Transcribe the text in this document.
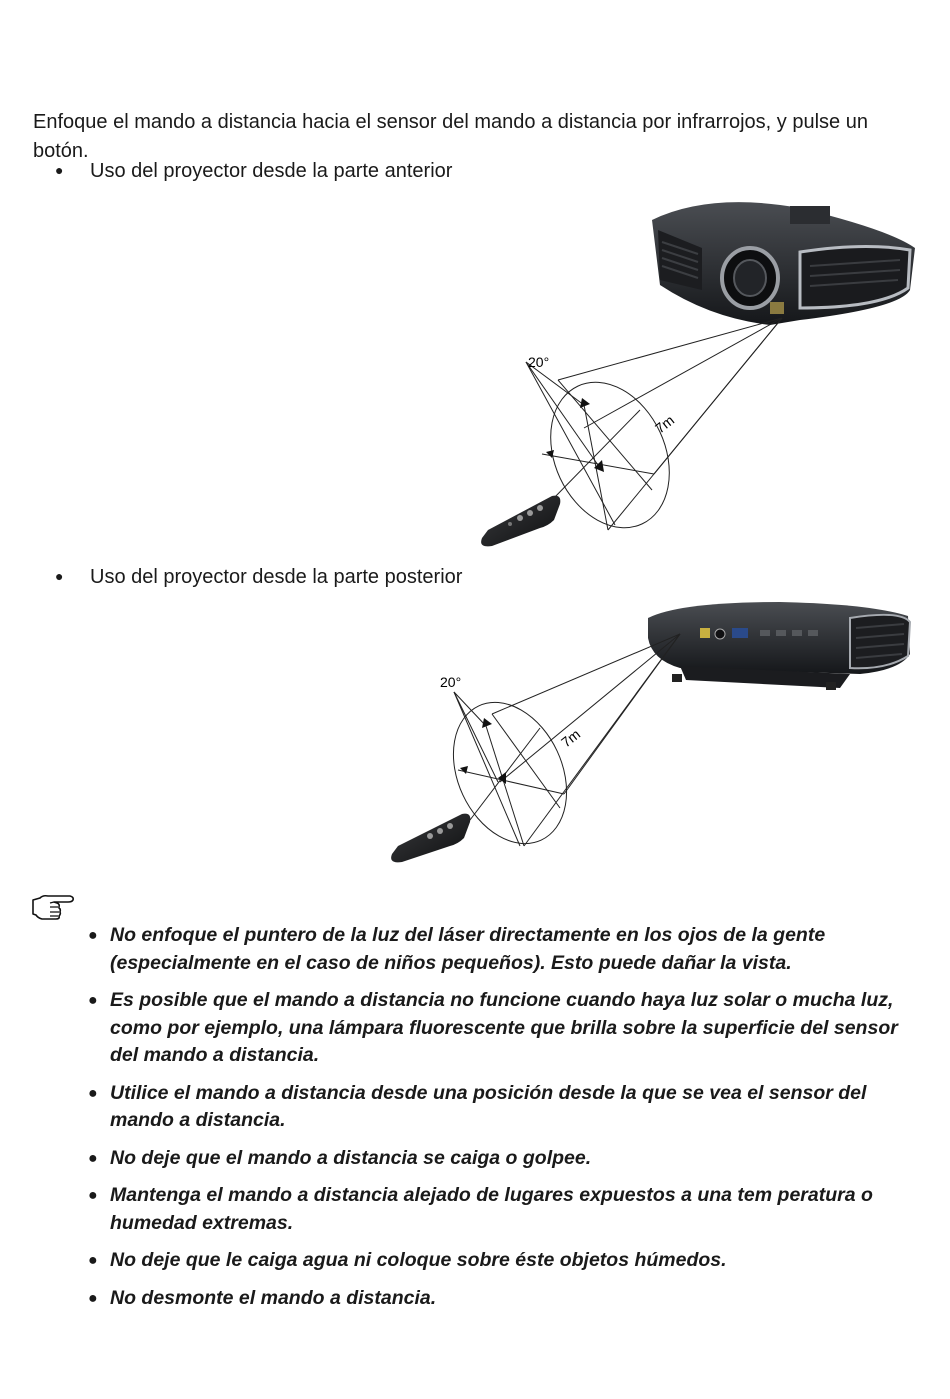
Enfoque el mando a distancia hacia el sensor del mando a distancia por infrarrojos, y pulse un botón.

● Uso del proyector desde la parte anterior
20°
7m
● Uso del proyector desde la parte posterior
20°
7m
● No enfoque el puntero de la luz del láser directamente en los ojos de la gente (especialmente en el caso de niños pequeños). Esto puede dañar la vista.
● Es posible que el mando a distancia no funcione cuando haya luz solar o mucha luz, como por ejemplo, una lámpara fluorescente que brilla sobre la superficie del sensor del mando a distancia.
● Utilice el mando a distancia desde una posición desde la que se vea el sensor del mando a distancia.
● No deje que el mando a distancia se caiga o golpee.
● Mantenga el mando a distancia alejado de lugares expuestos a una tem peratura o humedad extremas.
● No deje que le caiga agua ni coloque sobre éste objetos húmedos.
● No desmonte el mando a distancia.
